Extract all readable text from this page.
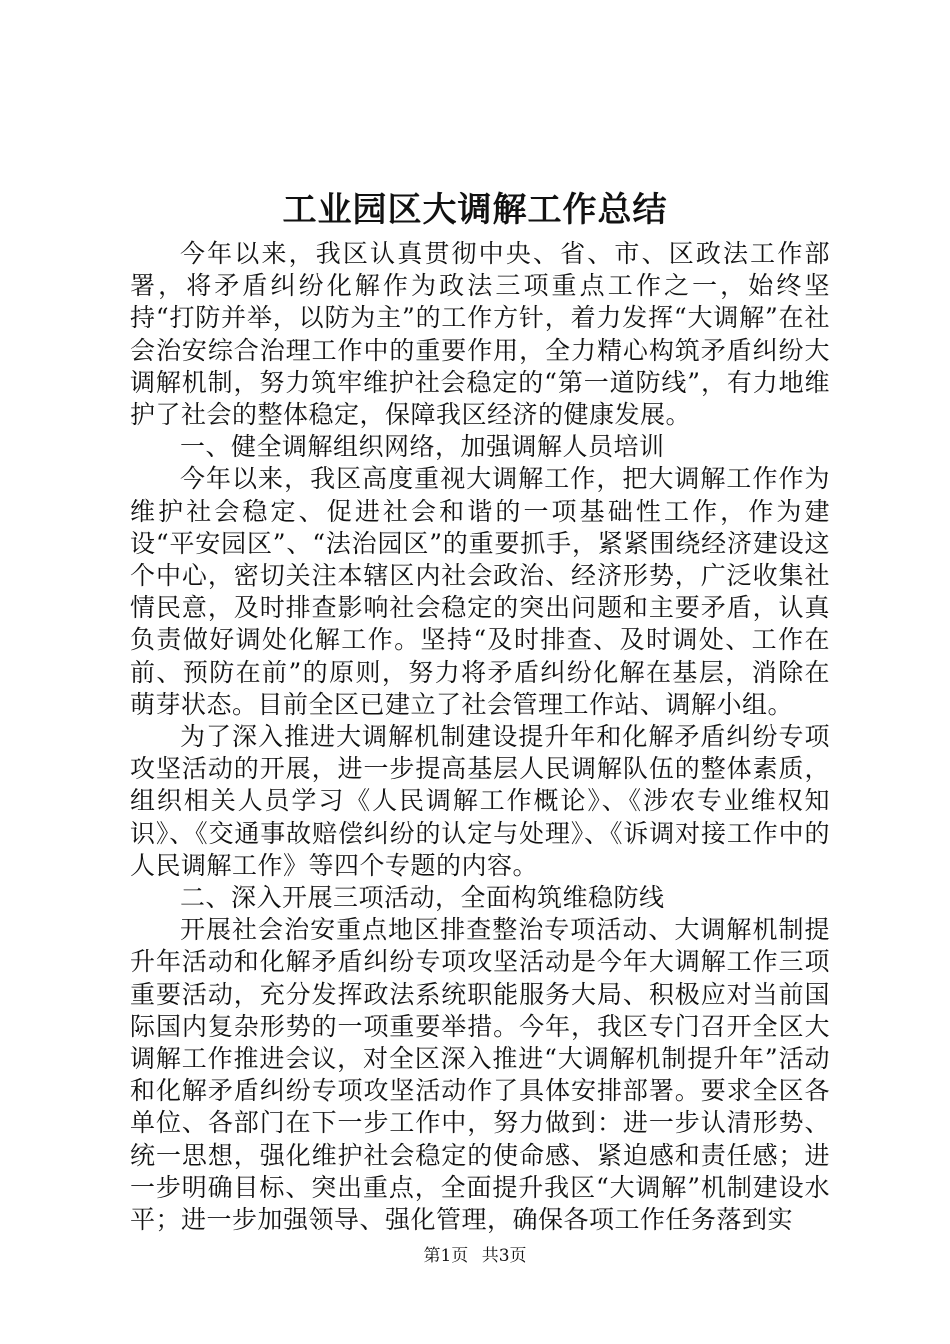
工业园区大调解工作总结

今年以来，我区认真贯彻中央、省、市、区政法工作部署，将矛盾纠纷化解作为政法三项重点工作之一，始终坚持“打防并举，以防为主”的工作方针，着力发挥“大调解”在社会治安综合治理工作中的重要作用，全力精心构筑矛盾纠纷大调解机制，努力筑牢维护社会稳定的“第一道防线”，有力地维护了社会的整体稳定，保障我区经济的健康发展。

一、健全调解组织网络，加强调解人员培训

今年以来，我区高度重视大调解工作，把大调解工作作为维护社会稳定、促进社会和谐的一项基础性工作，作为建设“平安园区”、“法治园区”的重要抓手，紧紧围绕经济建设这个中心，密切关注本辖区内社会政治、经济形势，广泛收集社情民意，及时排查影响社会稳定的突出问题和主要矛盾，认真负责做好调处化解工作。坚持“及时排查、及时调处、工作在前、预防在前”的原则，努力将矛盾纠纷化解在基层，消除在萌芽状态。目前全区已建立了社会管理工作站、调解小组。

为了深入推进大调解机制建设提升年和化解矛盾纠纷专项攻坚活动的开展，进一步提高基层人民调解队伍的整体素质，组织相关人员学习《人民调解工作概论》、《涉农专业维权知识》、《交通事故赔偿纠纷的认定与处理》、《诉调对接工作中的人民调解工作》等四个专题的内容。

二、深入开展三项活动，全面构筑维稳防线

开展社会治安重点地区排查整治专项活动、大调解机制提升年活动和化解矛盾纠纷专项攻坚活动是今年大调解工作三项重要活动，充分发挥政法系统职能服务大局、积极应对当前国际国内复杂形势的一项重要举措。今年，我区专门召开全区大调解工作推进会议，对全区深入推进“大调解机制提升年”活动和化解矛盾纠纷专项攻坚活动作了具体安排部署。要求全区各单位、各部门在下一步工作中，努力做到：进一步认清形势、统一思想，强化维护社会稳定的使命感、紧迫感和责任感；进一步明确目标、突出重点，全面提升我区“大调解”机制建设水平；进一步加强领导、强化管理，确保各项工作任务落到实

第1页 共3页
